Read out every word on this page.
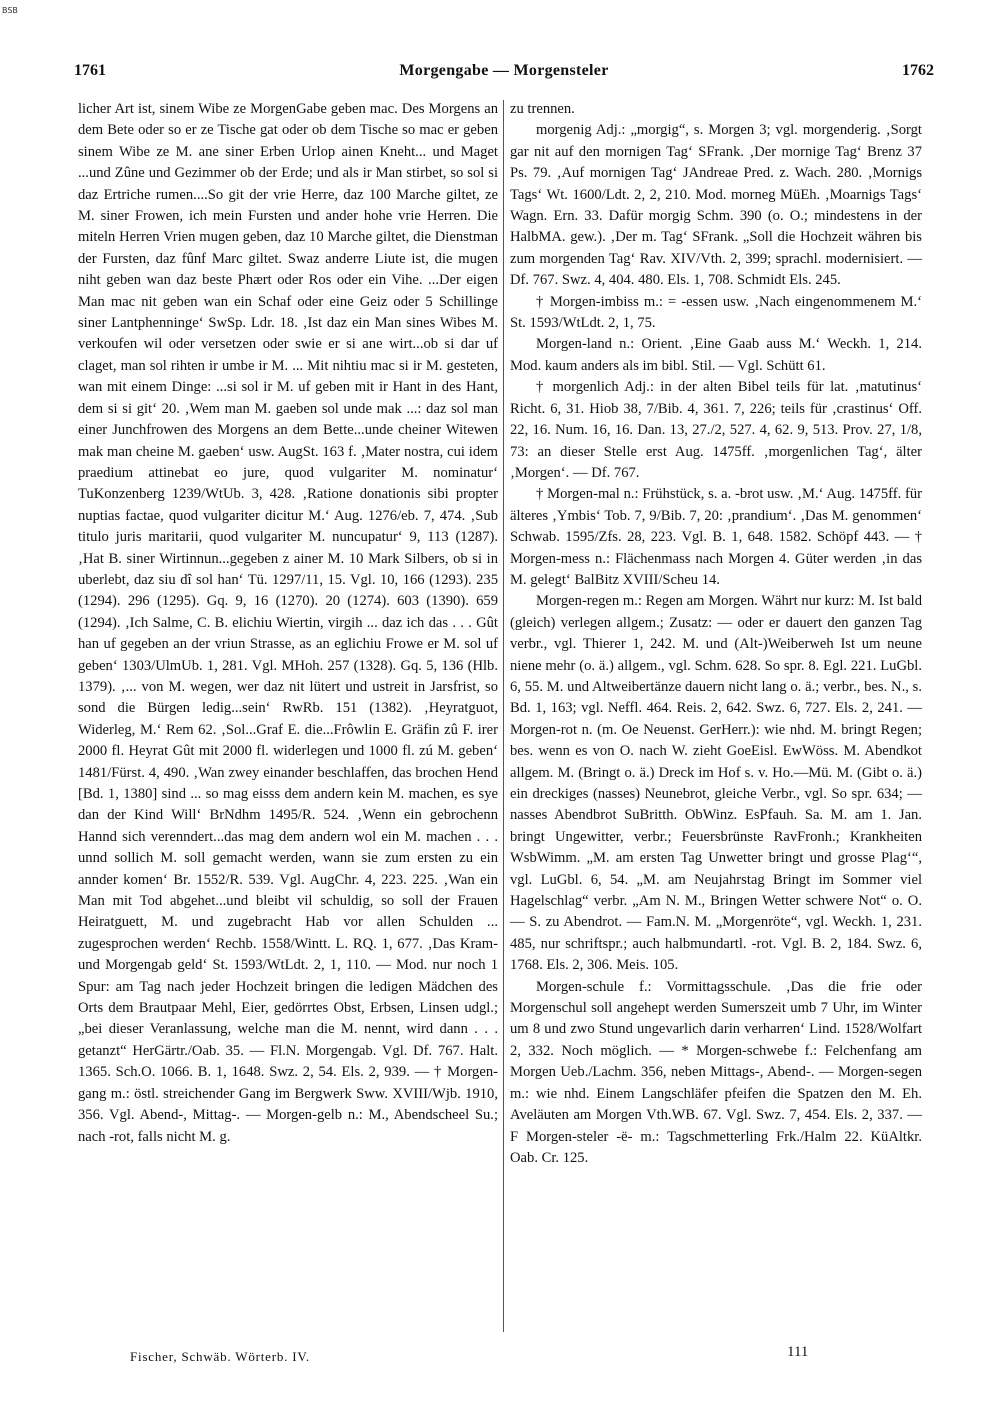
BSB
1761	Morgengabe — Morgensteler	1762

licher Art ist, sinem Wibe ze MorgenGabe geben mac. Des Morgens an dem Bete oder so er ze Tische gat oder ob dem Tische so mac er geben sinem Wibe ze M. ane siner Erben Urlop ainen Kneht... und Maget ...und Zûne und Gezimmer ob der Erde; und als ir Man stirbet, so sol si daz Ertriche rumen....So git der vrie Herre, daz 100 Marche giltet, ze M. siner Frowen, ich mein Fursten und ander hohe vrie Herren. Die miteln Herren Vrien mugen geben, daz 10 Marche giltet, die Dienstman der Fursten, daz fûnf Marc giltet. Swaz anderre Liute ist, die mugen niht geben wan daz beste Phært oder Ros oder ein Vihe. ...Der eigen Man mac nit geben wan ein Schaf oder eine Geiz oder 5 Schillinge siner Lantphenninge‘ SwSp. Ldr. 18. ‚Ist daz ein Man sines Wibes M. verkoufen wil oder versetzen oder swie er si ane wirt...ob si dar uf claget, man sol rihten ir umbe ir M. ... Mit nihtiu mac si ir M. gesteten, wan mit einem Dinge: ...si sol ir M. uf geben mit ir Hant in des Hant, dem si si git‘ 20. ‚Wem man M. gaeben sol unde mak ...: daz sol man einer Junchfrowen des Morgens an dem Bette...unde cheiner Witewen mak man cheine M. gaeben‘ usw. AugSt. 163 f. ‚Mater nostra, cui idem praedium attinebat eo jure, quod vulgariter M. nominatur‘ TuKonzenberg 1239/WtUb. 3, 428. ‚Ratione donationis sibi propter nuptias factae, quod vulgariter dicitur M.‘ Aug. 1276/eb. 7, 474. ‚Sub titulo juris maritarii, quod vulgariter M. nuncupatur‘ 9, 113 (1287). ‚Hat B. siner Wirtinnun...gegeben z ainer M. 10 Mark Silbers, ob si in uberlebt, daz siu dî sol han‘ Tü. 1297/11, 15. Vgl. 10, 166 (1293). 235 (1294). 296 (1295). Gq. 9, 16 (1270). 20 (1274). 603 (1390). 659 (1294). ‚Ich Salme, C. B. elichiu Wiertin, virgih ... daz ich das . . . Gût han uf gegeben an der vriun Strasse, as an eglichiu Frowe er M. sol uf geben‘ 1303/UlmUb. 1, 281. Vgl. MHoh. 257 (1328). Gq. 5, 136 (Hlb. 1379). ‚... von M. wegen, wer daz nit lütert und ustreit in Jarsfrist, so sond die Bürgen ledig...sein‘ RwRb. 151 (1382). ‚Heyratguot, Widerleg, M.‘ Rem 62. ‚Sol...Graf E. die...Frôwlin E. Gräfin zû F. irer 2000 fl. Heyrat Gût mit 2000 fl. widerlegen und 1000 fl. zú M. geben‘ 1481/Fürst. 4, 490. ‚Wan zwey einander beschlaffen, das brochen Hend [Bd. 1, 1380] sind ... so mag eisss dem andern kein M. machen, es sye dan der Kind Will‘ BrNdhm 1495/R. 524. ‚Wenn ein gebrochenn Hannd sich verenndert...das mag dem andern wol ein M. machen . . . unnd sollich M. soll gemacht werden, wann sie zum ersten zu ein annder komen‘ Br. 1552/R. 539. Vgl. AugChr. 4, 223. 225. ‚Wan ein Man mit Tod abgehet...und bleibt vil schuldig, so soll der Frauen Heiratguett, M. und zugebracht Hab vor allen Schulden ... zugesprochen werden‘ Rechb. 1558/Wintt. L. RQ. 1, 677. ‚Das Kram- und Morgengab geld‘ St. 1593/WtLdt. 2, 1, 110. — Mod. nur noch 1 Spur: am Tag nach jeder Hochzeit bringen die ledigen Mädchen des Orts dem Brautpaar Mehl, Eier, gedörrtes Obst, Erbsen, Linsen udgl.; „bei dieser Veranlassung, welche man die M. nennt, wird dann . . . getanzt“ HerGärtr./Oab. 35. — Fl.N. Morgengab. Vgl. Df. 767. Halt. 1365. Sch.O. 1066. B. 1, 1648. Swz. 2, 54. Els. 2, 939. — † Morgen-gang m.: östl. streichender Gang im Bergwerk Sww. XVIII/Wjb. 1910, 356. Vgl. Abend-, Mittag-. — Morgen-gelb n.: M., Abendscheel Su.; nach -rot, falls nicht M. g.

zu trennen.

morgenig Adj.: „morgig“, s. Morgen 3; vgl. morgenderig. ‚Sorgt gar nit auf den mornigen Tag‘ SFrank. ‚Der mornige Tag‘ Brenz 37 Ps. 79. ‚Auf mornigen Tag‘ JAndreae Pred. z. Wach. 280. ‚Mornigs Tags‘ Wt. 1600/Ldt. 2, 2, 210. Mod. morneg MüEh. ‚Moarnigs Tags‘ Wagn. Ern. 33. Dafür morgig Schm. 390 (o. O.; mindestens in der HalbMA. gew.). ‚Der m. Tag‘ SFrank. „Soll die Hochzeit währen bis zum morgenden Tag‘ Rav. XIV/Vth. 2, 399; sprachl. modernisiert. — Df. 767. Swz. 4, 404. 480. Els. 1, 708. Schmidt Els. 245.

† Morgen-imbiss m.: = -essen usw. ‚Nach eingenommenem M.‘ St. 1593/WtLdt. 2, 1, 75.

Morgen-land n.: Orient. ‚Eine Gaab auss M.‘ Weckh. 1, 214. Mod. kaum anders als im bibl. Stil. — Vgl. Schütt 61.

† morgenlich Adj.: in der alten Bibel teils für lat. ‚matutinus‘ Richt. 6, 31. Hiob 38, 7/Bib. 4, 361. 7, 226; teils für ‚crastinus‘ Off. 22, 16. Num. 16, 16. Dan. 13, 27./2, 527. 4, 62. 9, 513. Prov. 27, 1/8, 73: an dieser Stelle erst Aug. 1475ff. ‚morgenlichen Tag‘, älter ‚Morgen‘. — Df. 767.

† Morgen-mal n.: Frühstück, s. a. -brot usw. ‚M.‘ Aug. 1475ff. für älteres ‚Ymbis‘ Tob. 7, 9/Bib. 7, 20: ‚prandium‘. ‚Das M. genommen‘ Schwab. 1595/Zfs. 28, 223. Vgl. B. 1, 648. 1582. Schöpf 443. — † Morgen-mess n.: Flächenmass nach Morgen 4. Güter werden ‚in das M. gelegt‘ BalBitz XVIII/Scheu 14.

Morgen-regen m.: Regen am Morgen. Währt nur kurz: M. Ist bald (gleich) verlegen allgem.; Zusatz: — oder er dauert den ganzen Tag verbr., vgl. Thierer 1, 242. M. und (Alt-)Weiberweh Ist um neune niene mehr (o. ä.) allgem., vgl. Schm. 628. So spr. 8. Egl. 221. LuGbl. 6, 55. M. und Altweibertänze dauern nicht lang o. ä.; verbr., bes. N., s. Bd. 1, 163; vgl. Neffl. 464. Reis. 2, 642. Swz. 6, 727. Els. 2, 241. — Morgen-rot n. (m. Oe Neuenst. GerHerr.): wie nhd. M. bringt Regen; bes. wenn es von O. nach W. zieht GoeEisl. EwWöss. M. Abendkot allgem. M. (Bringt o. ä.) Dreck im Hof s. v. Ho.—Mü. M. (Gibt o. ä.) ein dreckiges (nasses) Neunebrot, gleiche Verbr., vgl. So spr. 634; — nasses Abendbrot SuBritth. ObWinz. EsPfauh. Sa. M. am 1. Jan. bringt Ungewitter, verbr.; Feuersbrünste RavFronh.; Krankheiten WsbWimm. „M. am ersten Tag Unwetter bringt und grosse Plag‘“, vgl. LuGbl. 6, 54. „M. am Neujahrstag Bringt im Sommer viel Hagelschlag“ verbr. „Am N. M., Bringen Wetter schwere Not“ o. O. — S. zu Abendrot. — Fam.N. M. „Morgenröte“, vgl. Weckh. 1, 231. 485, nur schriftspr.; auch halbmundartl. -rot. Vgl. B. 2, 184. Swz. 6, 1768. Els. 2, 306. Meis. 105.

Morgen-schule f.: Vormittagsschule. ‚Das die frie oder Morgenschul soll angehept werden Sumerszeit umb 7 Uhr, im Winter um 8 und zwo Stund ungevarlich darin verharren‘ Lind. 1528/Wolfart 2, 332. Noch möglich. — * Morgen-schwebe f.: Felchenfang am Morgen Ueb./Lachm. 356, neben Mittags-, Abend-. — Morgen-segen m.: wie nhd. Einem Langschläfer pfeifen die Spatzen den M. Eh. Aveläuten am Morgen Vth.WB. 67. Vgl. Swz. 7, 454. Els. 2, 337. — F Morgen-steler -ë- m.: Tagschmetterling Frk./Halm 22. KüAltkr. Oab. Cr. 125.

Fischer, Schwäb. Wörterb. IV.	111
